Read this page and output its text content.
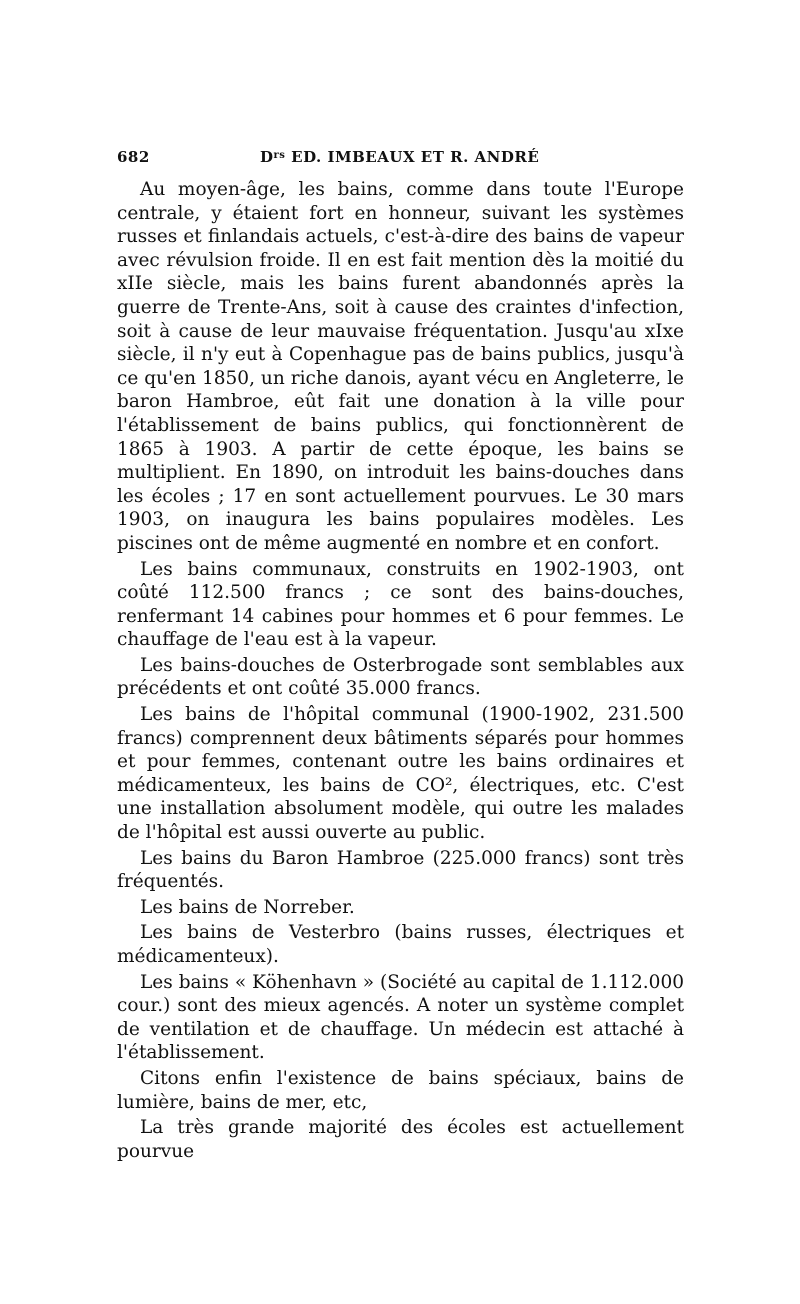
682	$D^{rs}$ ED. IMBEAUX ET R. ANDRÉ

Au moyen-âge, les bains, comme dans toute l'Europe centrale, y étaient fort en honneur, suivant les systèmes russes et finlandais actuels, c'est-à-dire des bains de vapeur avec révulsion froide. Il en est fait mention dès la moitié du xIIe siècle, mais les bains furent abandonnés après la guerre de Trente-Ans, soit à cause des craintes d'infection, soit à cause de leur mauvaise fréquentation. Jusqu'au xIxe siècle, il n'y eut à Copenhague pas de bains publics, jusqu'à ce qu'en 1850, un riche danois, ayant vécu en Angleterre, le baron Hambroe, eût fait une donation à la ville pour l'établissement de bains publics, qui fonctionnèrent de 1865 à 1903. A partir de cette époque, les bains se multiplient. En 1890, on introduit les bains-douches dans les écoles ; 17 en sont actuellement pourvues. Le 30 mars 1903, on inaugura les bains populaires modèles. Les piscines ont de même augmenté en nombre et en confort.

Les bains communaux, construits en 1902-1903, ont coûté 112.500 francs ; ce sont des bains-douches, renfermant 14 cabines pour hommes et 6 pour femmes. Le chauffage de l'eau est à la vapeur.

Les bains-douches de Osterbrogade sont semblables aux précédents et ont coûté 35.000 francs.

Les bains de l'hôpital communal (1900-1902, 231.500 francs) comprennent deux bâtiments séparés pour hommes et pour femmes, contenant outre les bains ordinaires et médicamenteux, les bains de CO², électriques, etc. C'est une installation absolument modèle, qui outre les malades de l'hôpital est aussi ouverte au public.

Les bains du Baron Hambroe (225.000 francs) sont très fréquentés.

Les bains de Norreber.

Les bains de Vesterbro (bains russes, électriques et médicamenteux).

Les bains « Köhenhavn » (Société au capital de 1.112.000 cour.) sont des mieux agencés. A noter un système complet de ventilation et de chauffage. Un médecin est attaché à l'établissement.

Citons enfin l'existence de bains spéciaux, bains de lumière, bains de mer, etc,

La très grande majorité des écoles est actuellement pourvue
